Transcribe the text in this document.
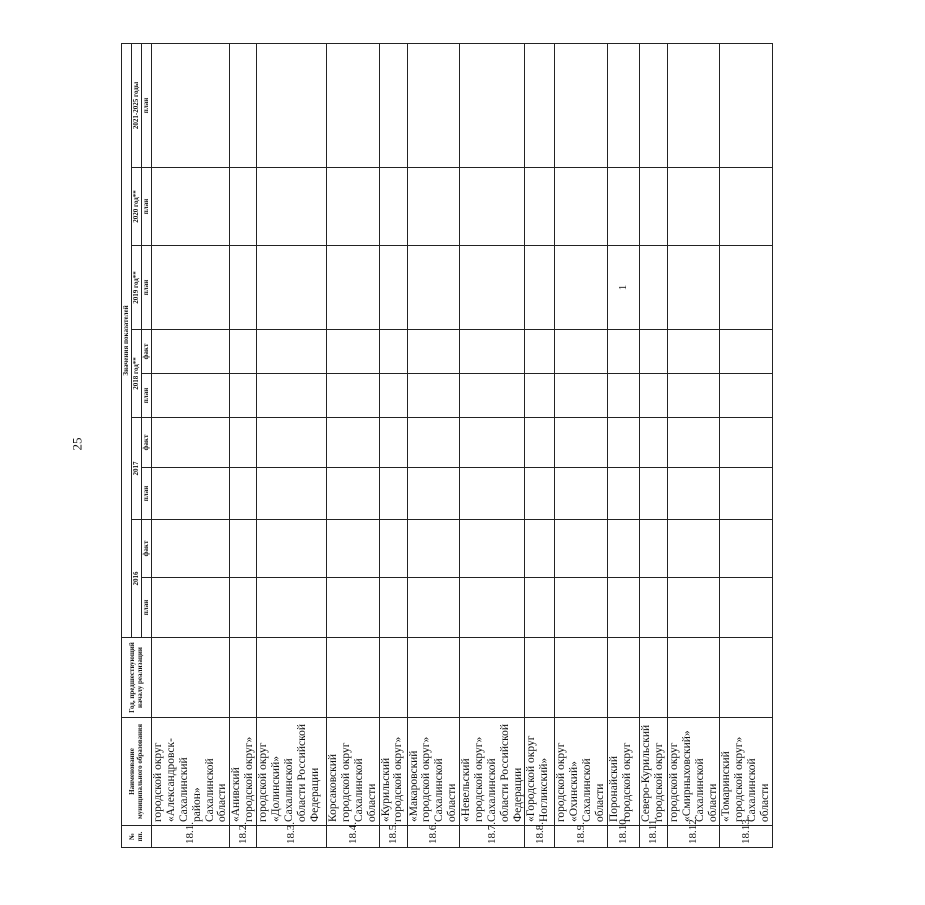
25
№ пп.	Наименование муниципального образования	Год, предшествующий началу реализации	Значения показателей								
			2016		2017		2018 год**		2019 год**	2020 год**	2021-2025 годы
			план	факт	план	факт	план	факт	план	план	план
18.1.	городской округ «Александровск-Сахалинский район» Сахалинской области										
18.2.	«Анивский городской округ»										
18.3.	городской округ «Долинский» Сахалинской области Российской Федерации										
18.4.	Корсаковский городской округ Сахалинской области										
18.5.	«Курильский городской округ»										
18.6.	«Макаровский городской округ» Сахалинской области										
18.7.	«Невельский городской округ» Сахалинской области Российской Федерации										
18.8.	«Городской округ Ногликский»										
18.9.	городской округ «Охинский» Сахалинской области										
18.10.	Поронайский городской округ								1		
18.11.	Северо-Курильский городской округ										
18.12.	городской округ «Смирныховский» Сахалинской области										
18.13.	«Томаринский городской округ» Сахалинской области										
